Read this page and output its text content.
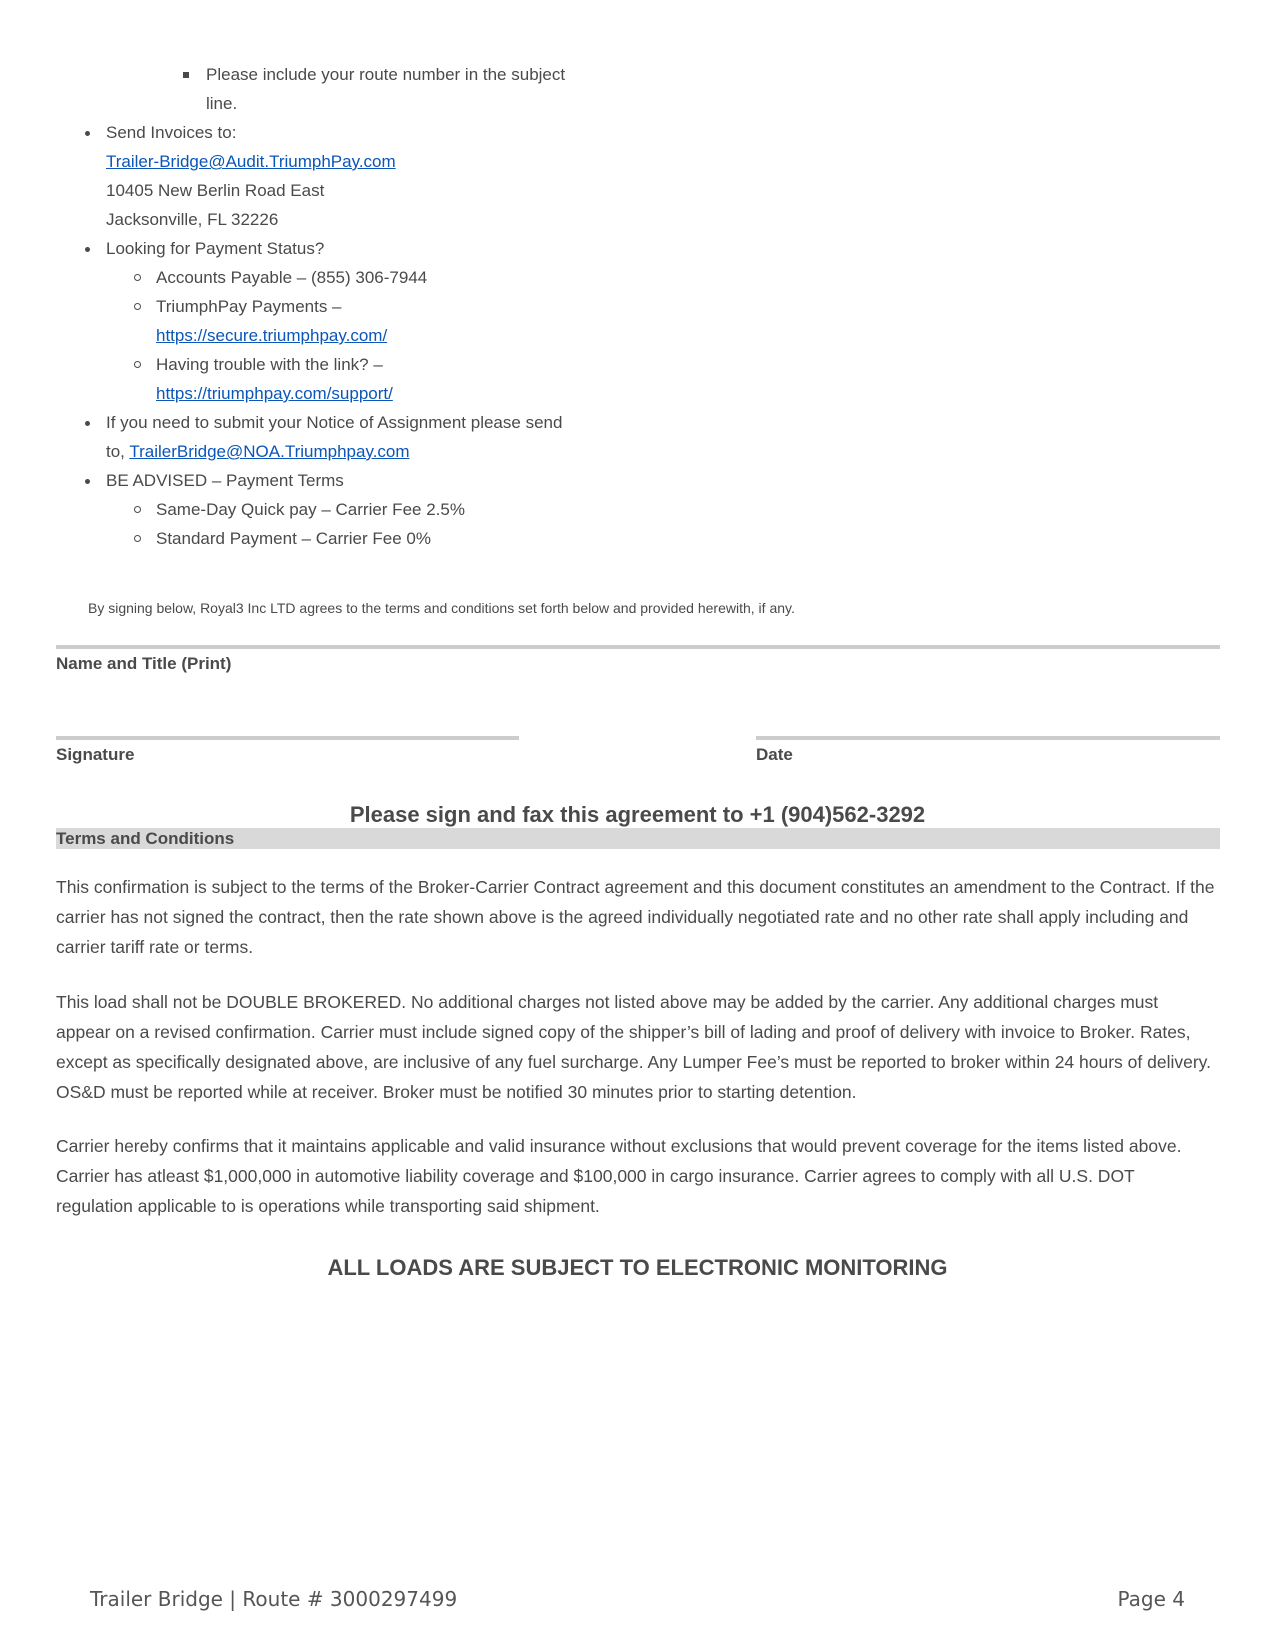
Please include your route number in the subject
line.
Send Invoices to:
Trailer-Bridge@Audit.TriumphPay.com
10405 New Berlin Road East
Jacksonville, FL 32226
Looking for Payment Status?
Accounts Payable – (855) 306-7944
TriumphPay Payments –
https://secure.triumphpay.com/
Having trouble with the link? –
https://triumphpay.com/support/
If you need to submit your Notice of Assignment please send
to, TrailerBridge@NOA.Triumphpay.com
BE ADVISED – Payment Terms
Same-Day Quick pay – Carrier Fee 2.5%
Standard Payment – Carrier Fee 0%
By signing below, Royal3 Inc LTD agrees to the terms and conditions set forth below and provided herewith, if any.
Name and Title (Print)
Signature	Date
Please sign and fax this agreement to +1 (904)562-3292
Terms and Conditions
This confirmation is subject to the terms of the Broker-Carrier Contract agreement and this document constitutes an amendment to the Contract. If the carrier has not signed the contract, then the rate shown above is the agreed individually negotiated rate and no other rate shall apply including and carrier tariff rate or terms.
This load shall not be DOUBLE BROKERED. No additional charges not listed above may be added by the carrier. Any additional charges must appear on a revised confirmation. Carrier must include signed copy of the shipper’s bill of lading and proof of delivery with invoice to Broker. Rates, except as specifically designated above, are inclusive of any fuel surcharge. Any Lumper Fee’s must be reported to broker within 24 hours of delivery. OS&D must be reported while at receiver. Broker must be notified 30 minutes prior to starting detention.
Carrier hereby confirms that it maintains applicable and valid insurance without exclusions that would prevent coverage for the items listed above. Carrier has atleast $1,000,000 in automotive liability coverage and $100,000 in cargo insurance. Carrier agrees to comply with all U.S. DOT regulation applicable to is operations while transporting said shipment.
ALL LOADS ARE SUBJECT TO ELECTRONIC MONITORING
Trailer Bridge | Route # 3000297499	Page 4
